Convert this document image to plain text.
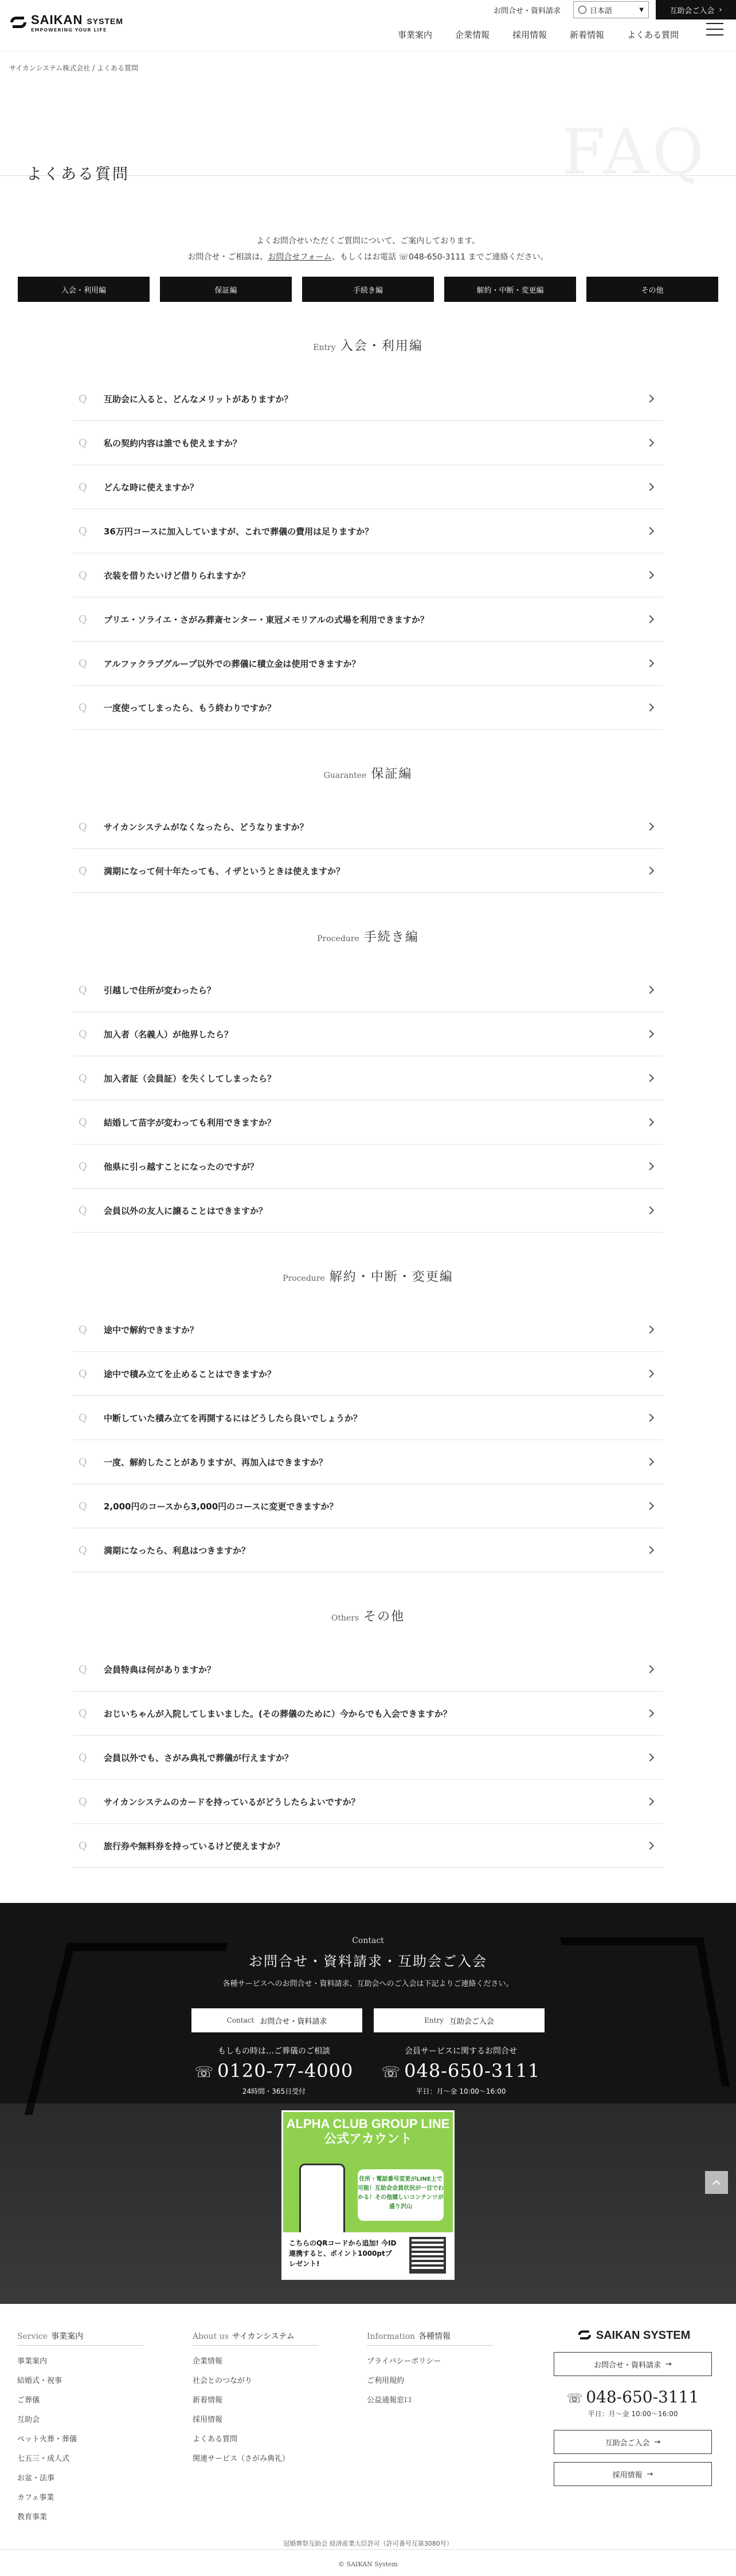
SAIKAN SYSTEM
EMPOWERING YOUR LIFE
お問合せ・資料請求	日本語	▼	互助会ご入会 ›
事業案内	企業情報	採用情報	新着情報	よくある質問
サイカンシステム株式会社 / よくある質問
FAQ
よくある質問
よくお問合せいただくご質問について、ご案内しております。
お問合せ・ご相談は、お問合せフォーム、もしくはお電話 ☏048-650-3111 までご連絡ください。
入会・利用編	保証編	手続き編	解約・中断・変更編	その他
Entry 入会・利用編
Q	互助会に入ると、どんなメリットがありますか？
Q	私の契約内容は誰でも使えますか？
Q	どんな時に使えますか？
Q	36万円コースに加入していますが、これで葬儀の費用は足りますか？
Q	衣装を借りたいけど借りられますか？
Q	プリエ・ソライエ・さがみ葬斎センター・東冠メモリアルの式場を利用できますか？
Q	アルファクラブグループ以外での葬儀に積立金は使用できますか？
Q	一度使ってしまったら、もう終わりですか？
Guarantee 保証編
Q	サイカンシステムがなくなったら、どうなりますか？
Q	満期になって何十年たっても、イザというときは使えますか？
Procedure 手続き編
Q	引越しで住所が変わったら？
Q	加入者（名義人）が他界したら？
Q	加入者証（会員証）を失くしてしまったら？
Q	結婚して苗字が変わっても利用できますか？
Q	他県に引っ越すことになったのですが？
Q	会員以外の友人に譲ることはできますか？
Procedure 解約・中断・変更編
Q	途中で解約できますか？
Q	途中で積み立てを止めることはできますか？
Q	中断していた積み立てを再開するにはどうしたら良いでしょうか？
Q	一度、解約したことがありますが、再加入はできますか？
Q	2,000円のコースから3,000円のコースに変更できますか？
Q	満期になったら、利息はつきますか？
Others その他
Q	会員特典は何がありますか？
Q	おじいちゃんが入院してしまいました。(その葬儀のために）今からでも入会できますか？
Q	会員以外でも、さがみ典礼で葬儀が行えますか？
Q	サイカンシステムのカードを持っているがどうしたらよいですか？
Q	旅行券や無料券を持っているけど使えますか？
Contact
お問合せ・資料請求・互助会ご入会
各種サービスへのお問合せ・資料請求、互助会へのご入会は下記よりご連絡ください。
Contact お問合せ・資料請求	Entry 互助会ご入会
もしもの時は…ご葬儀のご相談
☏ 0120-77-4000
24時間・365日受付
会員サービスに関するお問合せ
☏ 048-650-3111
平日：月〜金 10:00〜16:00
ALPHA CLUB GROUP LINE 公式アカウント
住所・電話番号変更がLINE上で可能！互助会会員状況が一目でわかる！その他嬉しいコンテンツが盛り沢山
こちらのQRコードから追加! 今ID連携すると、ポイント1000ptプレゼント!
Service 事業案内
事業案内
結婚式・祝事
ご葬儀
互助会
ペット火葬・葬儀
七五三・成人式
お盆・法事
カフェ事業
教育事業
About us サイカンシステム
企業情報
社会とのつながり
新着情報
採用情報
よくある質問
関連サービス（さがみ典礼）
Information 各種情報
プライバシーポリシー
ご利用規約
公益通報窓口
SAIKAN SYSTEM
お問合せ・資料請求 →
☏ 048-650-3111
平日：月〜金 10:00〜16:00
互助会ご入会 →
採用情報 →
冠婚葬祭互助会 経済産業大臣許可（許可番号互第3080号）
© SAIKAN System
